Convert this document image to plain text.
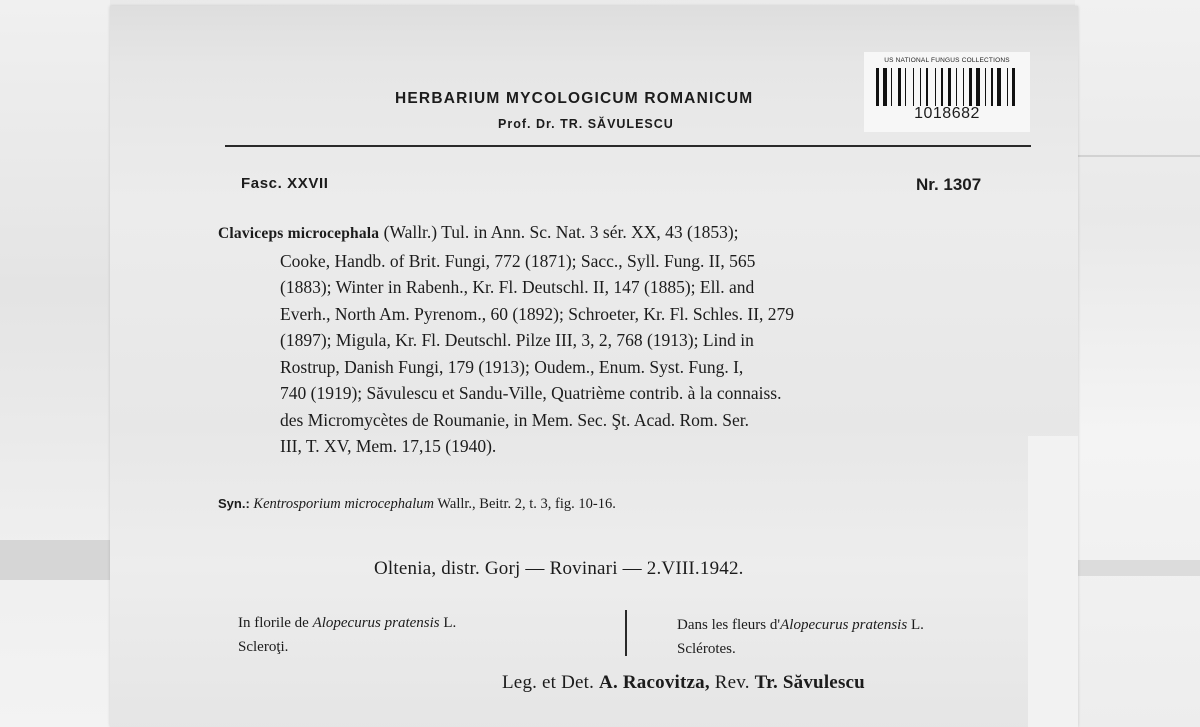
HERBARIUM MYCOLOGICUM ROMANICUM
Prof. Dr. TR. SĂVULESCU
US NATIONAL FUNGUS COLLECTIONS
1018682
Fasc. XXVII	Nr. 1307
Claviceps microcephala (Wallr.) Tul. in Ann. Sc. Nat. 3 sér. XX, 43 (1853);
Cooke, Handb. of Brit. Fungi, 772 (1871); Sacc., Syll. Fung. II, 565
(1883); Winter in Rabenh., Kr. Fl. Deutschl. II, 147 (1885); Ell. and
Everh., North Am. Pyrenom., 60 (1892); Schroeter, Kr. Fl. Schles. II, 279
(1897); Migula, Kr. Fl. Deutschl. Pilze III, 3, 2, 768 (1913); Lind in
Rostrup, Danish Fungi, 179 (1913); Oudem., Enum. Syst. Fung. I,
740 (1919); Săvulescu et Sandu-Ville, Quatrième contrib. à la connaiss.
des Micromycètes de Roumanie, in Mem. Sec. Şt. Acad. Rom. Ser.
III, T. XV, Mem. 17,15 (1940).
Syn.: Kentrosporium microcephalum Wallr., Beitr. 2, t. 3, fig. 10-16.
Oltenia, distr. Gorj — Rovinari — 2.VIII.1942.
In florile de Alopecurus pratensis L.
Scleroţi.
Dans les fleurs d'Alopecurus pratensis L.
Sclérotes.
Leg. et Det. A. Racovitza, Rev. Tr. Săvulescu
